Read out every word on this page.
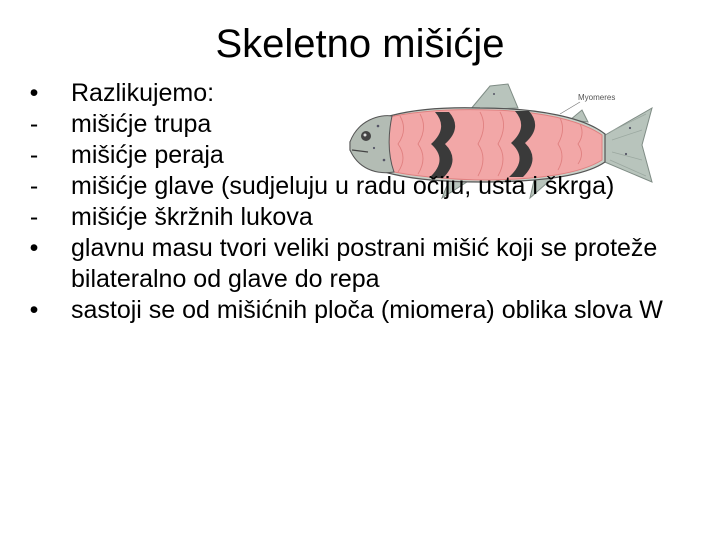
Skeletno mišićje
Myomeres
•	Razlikujemo:
-	mišićje trupa
-	mišićje peraja
-	mišićje glave (sudjeluju u radu očiju, usta i škrga)
-	mišićje škržnih lukova
•	glavnu masu tvori veliki postrani mišić koji se proteže bilateralno od glave do repa
•	sastoji se od mišićnih ploča (miomera) oblika slova W
